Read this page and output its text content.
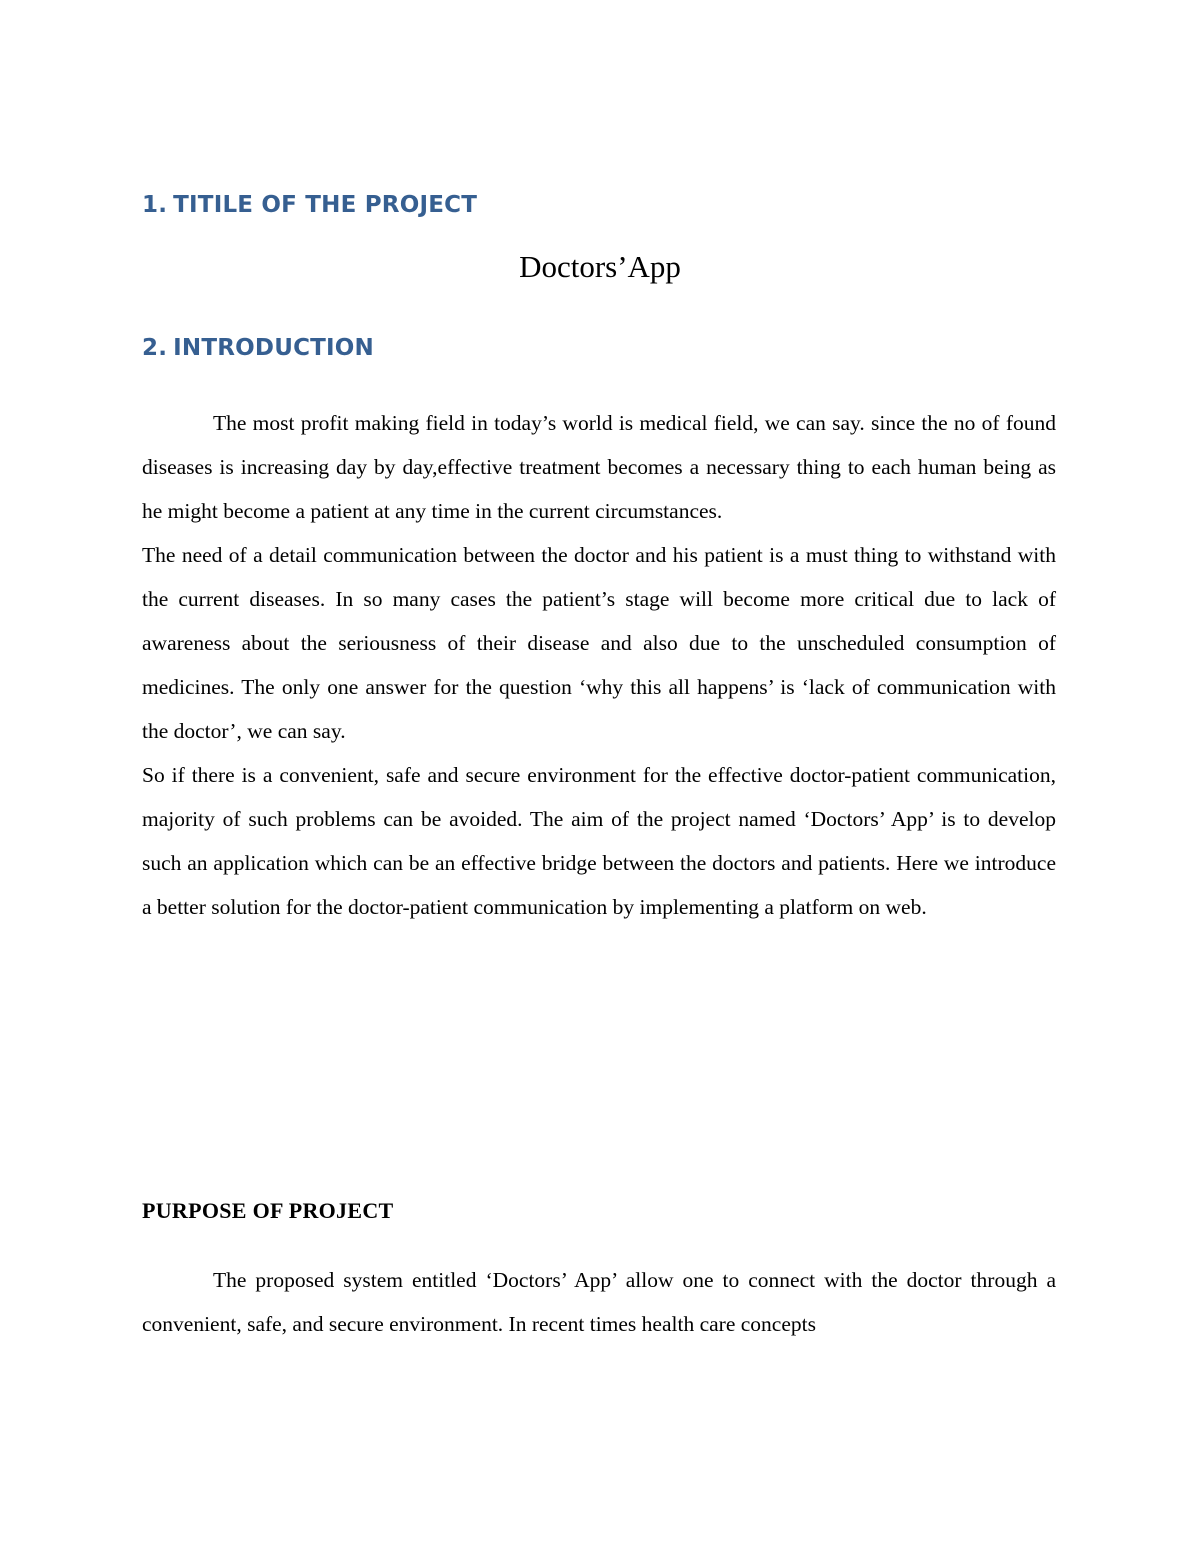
1. TITILE OF THE PROJECT
Doctors’App
2. INTRODUCTION

The most profit making field in today’s world is medical field, we can say. since the no of found diseases is increasing day by day,effective treatment becomes a necessary thing to each human being as he might become a patient at any time in the current circumstances.

The need of a detail communication between the doctor and his patient is a must thing to withstand with the current diseases. In so many cases the patient’s stage will become more critical due to lack of awareness about the seriousness of their disease and also due to the unscheduled consumption of medicines. The only one answer for the question ‘why this all happens’ is ‘lack of communication with the doctor’, we can say.

So if there is a convenient, safe and secure environment for the effective doctor-patient communication, majority of such problems can be avoided. The aim of the project named ‘Doctors’ App’ is to develop such an application which can be an effective bridge between the doctors and patients. Here we introduce a better solution for the doctor-patient communication by implementing a platform on web.

PURPOSE OF PROJECT

The proposed system entitled ‘Doctors’ App’ allow one to connect with the doctor through a convenient, safe, and secure environment. In recent times health care concepts
